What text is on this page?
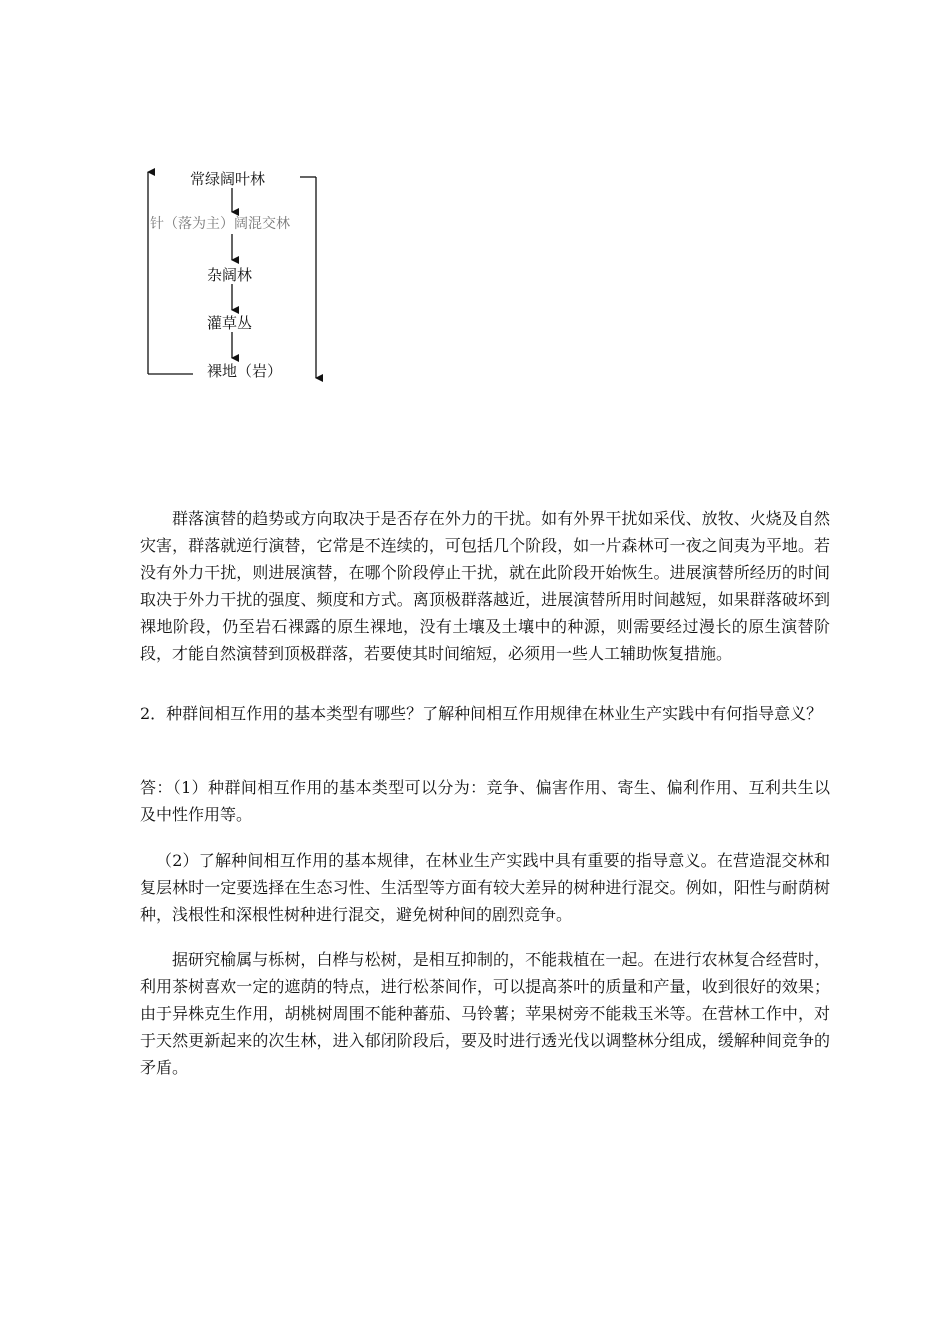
常绿阔叶林
针（落为主）阔混交林
杂阔林
灌草丛
裸地（岩）
群落演替的趋势或方向取决于是否存在外力的干扰。如有外界干扰如采伐、放牧、火烧及自然灾害，群落就逆行演替，它常是不连续的，可包括几个阶段，如一片森林可一夜之间夷为平地。若没有外力干扰，则进展演替，在哪个阶段停止干扰，就在此阶段开始恢生。进展演替所经历的时间取决于外力干扰的强度、频度和方式。离顶极群落越近，进展演替所用时间越短，如果群落破坏到裸地阶段，仍至岩石裸露的原生裸地，没有土壤及土壤中的种源，则需要经过漫长的原生演替阶段，才能自然演替到顶极群落，若要使其时间缩短，必须用一些人工辅助恢复措施。
2．种群间相互作用的基本类型有哪些？了解种间相互作用规律在林业生产实践中有何指导意义？
答：（1）种群间相互作用的基本类型可以分为：竞争、偏害作用、寄生、偏利作用、互利共生以及中性作用等。
（2）了解种间相互作用的基本规律，在林业生产实践中具有重要的指导意义。在营造混交林和复层林时一定要选择在生态习性、生活型等方面有较大差异的树种进行混交。例如，阳性与耐荫树种，浅根性和深根性树种进行混交，避免树种间的剧烈竞争。
据研究榆属与栎树，白桦与松树，是相互抑制的，不能栽植在一起。在进行农林复合经营时，利用茶树喜欢一定的遮荫的特点，进行松茶间作，可以提高茶叶的质量和产量，收到很好的效果；由于异株克生作用，胡桃树周围不能种蕃茄、马铃薯；苹果树旁不能栽玉米等。在营林工作中，对于天然更新起来的次生林，进入郁闭阶段后，要及时进行透光伐以调整林分组成，缓解种间竞争的矛盾。
